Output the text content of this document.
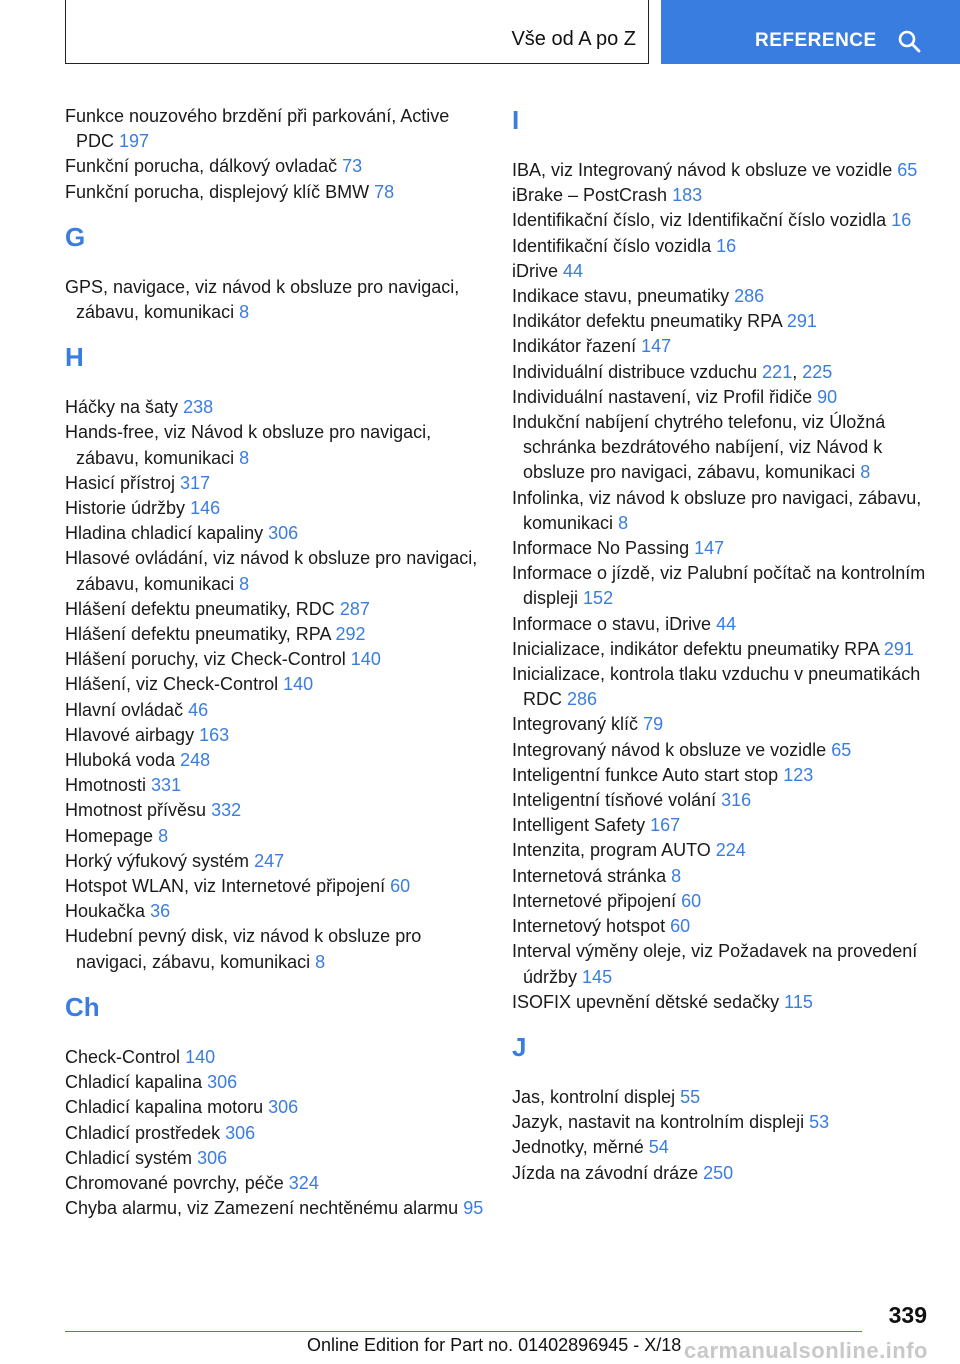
Vše od A po Z	REFERENCE
Funkce nouzového brzdění při parkování, Active PDC 197
Funkční porucha, dálkový ovladač 73
Funkční porucha, displejový klíč BMW 78
G
GPS, navigace, viz návod k obsluze pro navigaci, zábavu, komunikaci 8
H
Háčky na šaty 238
Hands-free, viz Návod k obsluze pro navigaci, zábavu, komunikaci 8
Hasicí přístroj 317
Historie údržby 146
Hladina chladicí kapaliny 306
Hlasové ovládání, viz návod k obsluze pro navigaci, zábavu, komunikaci 8
Hlášení defektu pneumatiky, RDC 287
Hlášení defektu pneumatiky, RPA 292
Hlášení poruchy, viz Check-Control 140
Hlášení, viz Check-Control 140
Hlavní ovládač 46
Hlavové airbagy 163
Hluboká voda 248
Hmotnosti 331
Hmotnost přívěsu 332
Homepage 8
Horký výfukový systém 247
Hotspot WLAN, viz Internetové připojení 60
Houkačka 36
Hudební pevný disk, viz návod k obsluze pro navigaci, zábavu, komunikaci 8
Ch
Check-Control 140
Chladicí kapalina 306
Chladicí kapalina motoru 306
Chladicí prostředek 306
Chladicí systém 306
Chromované povrchy, péče 324
Chyba alarmu, viz Zamezení nechtěnému alarmu 95
I
IBA, viz Integrovaný návod k obsluze ve vozidle 65
iBrake – PostCrash 183
Identifikační číslo, viz Identifikační číslo vozidla 16
Identifikační číslo vozidla 16
iDrive 44
Indikace stavu, pneumatiky 286
Indikátor defektu pneumatiky RPA 291
Indikátor řazení 147
Individuální distribuce vzduchu 221, 225
Individuální nastavení, viz Profil řidiče 90
Indukční nabíjení chytrého telefonu, viz Úložná schránka bezdrátového nabíjení, viz Návod k obsluze pro navigaci, zábavu, komunikaci 8
Infolinka, viz návod k obsluze pro navigaci, zábavu, komunikaci 8
Informace No Passing 147
Informace o jízdě, viz Palubní počítač na kontrolním displeji 152
Informace o stavu, iDrive 44
Inicializace, indikátor defektu pneumatiky RPA 291
Inicializace, kontrola tlaku vzduchu v pneumatikách RDC 286
Integrovaný klíč 79
Integrovaný návod k obsluze ve vozidle 65
Inteligentní funkce Auto start stop 123
Inteligentní tísňové volání 316
Intelligent Safety 167
Intenzita, program AUTO 224
Internetová stránka 8
Internetové připojení 60
Internetový hotspot 60
Interval výměny oleje, viz Požadavek na provedení údržby 145
ISOFIX upevnění dětské sedačky 115
J
Jas, kontrolní displej 55
Jazyk, nastavit na kontrolním displeji 53
Jednotky, měrné 54
Jízda na závodní dráze 250
339
Online Edition for Part no. 01402896945 - X/18 carmanualsonline.info
